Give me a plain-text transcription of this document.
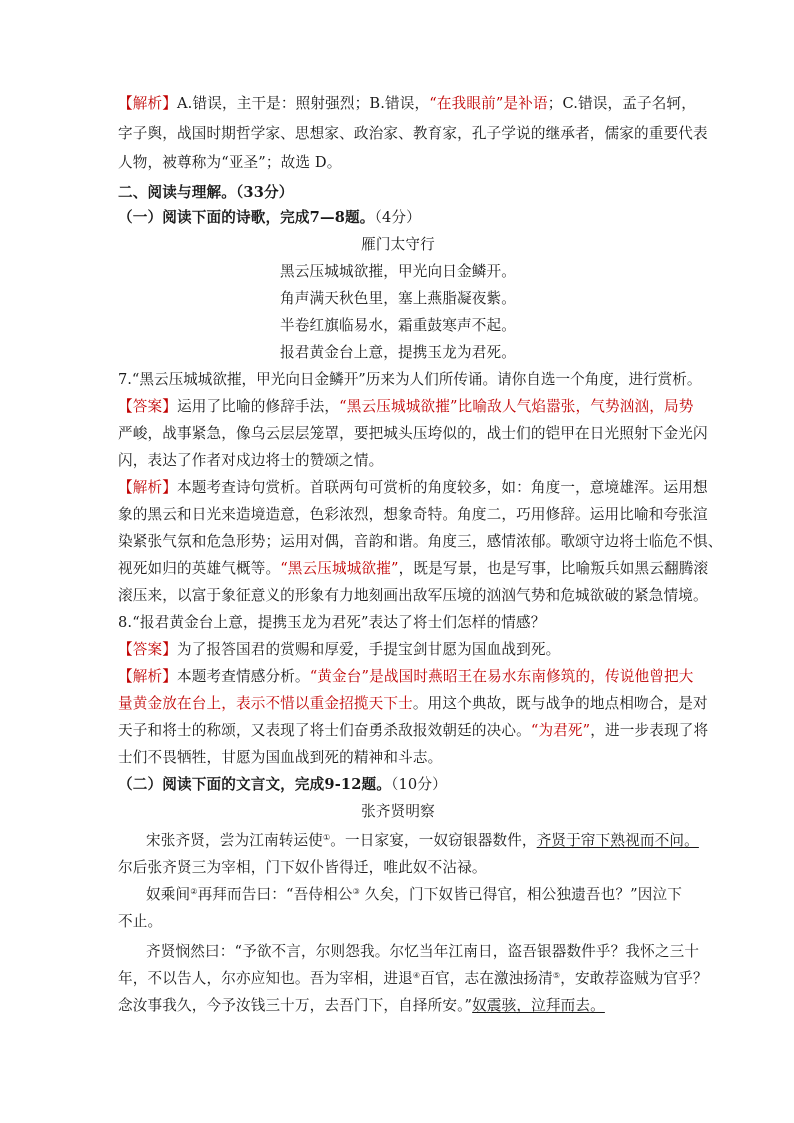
【解析】A.错误，主干是：照射强烈；B.错误，“在我眼前”是补语；C.错误，孟子名轲，
字子舆，战国时期哲学家、思想家、政治家、教育家，孔子学说的继承者，儒家的重要代表
人物，被尊称为“亚圣”；故选 D。
二、阅读与理解。（33分）
（一）阅读下面的诗歌，完成7—8题。（4分）
雁门太守行
黑云压城城欲摧，甲光向日金鳞开。
角声满天秋色里，塞上燕脂凝夜紫。
半卷红旗临易水，霜重鼓寒声不起。
报君黄金台上意，提携玉龙为君死。
7.“黑云压城城欲摧，甲光向日金鳞开”历来为人们所传诵。请你自选一个角度，进行赏析。
【答案】运用了比喻的修辞手法，“黑云压城城欲摧”比喻敌人气焰嚣张，气势汹汹，局势
严峻，战事紧急，像乌云层层笼罩，要把城头压垮似的，战士们的铠甲在日光照射下金光闪
闪，表达了作者对戍边将士的赞颂之情。
【解析】本题考查诗句赏析。首联两句可赏析的角度较多，如：角度一，意境雄浑。运用想
象的黑云和日光来造境造意，色彩浓烈，想象奇特。角度二，巧用修辞。运用比喻和夸张渲
染紧张气氛和危急形势；运用对偶，音韵和谐。角度三，感情浓郁。歌颂守边将士临危不惧、
视死如归的英雄气概等。“黑云压城城欲摧”，既是写景，也是写事，比喻叛兵如黑云翻腾滚
滚压来，以富于象征意义的形象有力地刻画出敌军压境的汹汹气势和危城欲破的紧急情境。
8.“报君黄金台上意，提携玉龙为君死”表达了将士们怎样的情感？
【答案】为了报答国君的赏赐和厚爱，手提宝剑甘愿为国血战到死。
【解析】本题考查情感分析。“黄金台”是战国时燕昭王在易水东南修筑的，传说他曾把大
量黄金放在台上，表示不惜以重金招揽天下士。用这个典故，既与战争的地点相吻合，是对
天子和将士的称颂，又表现了将士们奋勇杀敌报效朝廷的决心。“为君死”，进一步表现了将
士们不畏牺牲，甘愿为国血战到死的精神和斗志。
（二）阅读下面的文言文，完成9-12题。（10分）
张齐贤明察
宋张齐贤，尝为江南转运使①。一日家宴，一奴窃银器数件，齐贤于帘下熟视而不问。
尔后张齐贤三为宰相，门下奴仆皆得迁，唯此奴不沾禄。
奴乘间②再拜而告曰：“吾侍相公③ 久矣，门下奴皆已得官，相公独遗吾也？”因泣下
不止。
齐贤悯然曰：“予欲不言，尔则怨我。尔忆当年江南日，盗吾银器数件乎？我怀之三十
年，不以告人，尔亦应知也。吾为宰相，进退④百官，志在激浊扬清⑤，安敢荐盗贼为官乎？
念汝事我久，今予汝钱三十万，去吾门下，自择所安。”奴震骇，泣拜而去。
